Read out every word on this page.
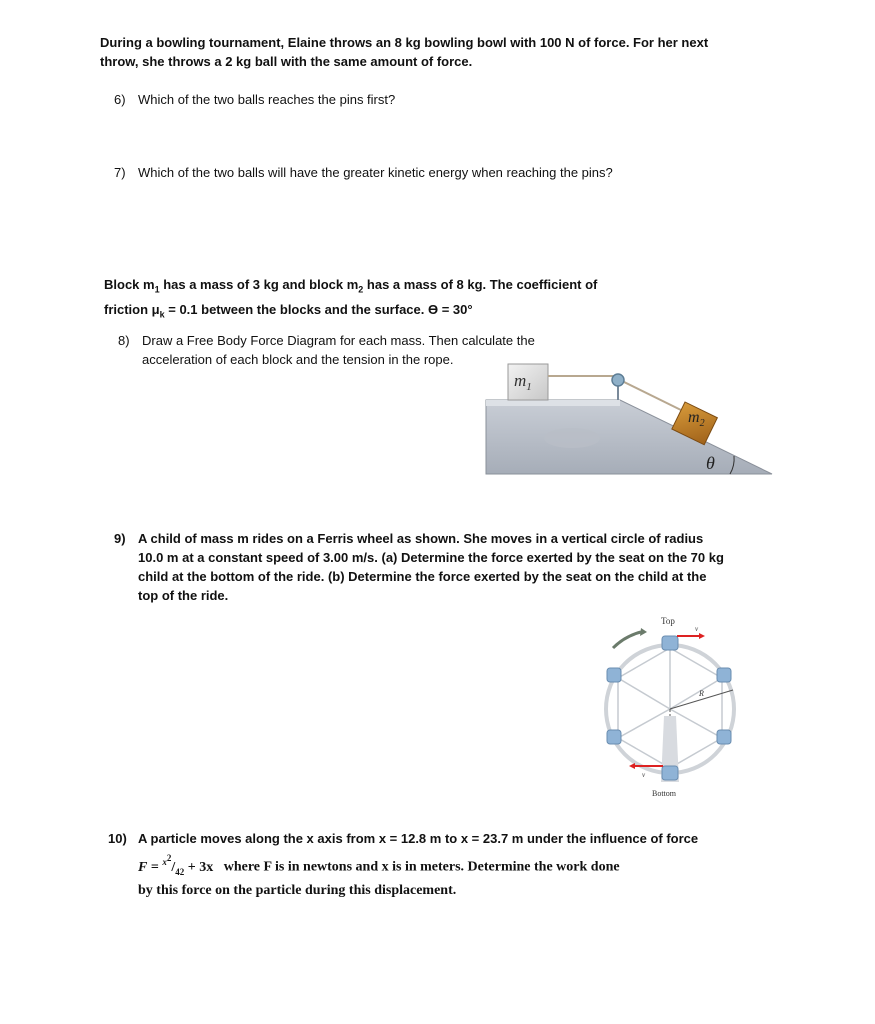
During a bowling tournament, Elaine throws an 8 kg bowling bowl with 100 N of force. For her next
throw, she throws a 2 kg ball with the same amount of force.
6) Which of the two balls reaches the pins first?
7) Which of the two balls will have the greater kinetic energy when reaching the pins?
Block $m_1$ has a mass of 3 kg and block $m_2$ has a mass of 8 kg. The coefficient of
friction $\mu_k = 0.1$ between the blocks and the surface. ϴ = 30°
8) Draw a Free Body Force Diagram for each mass. Then calculate the
acceleration of each block and the tension in the rope.
$m_1$
$m_2$
θ
9) A child of mass m rides on a Ferris wheel as shown. She moves in a vertical circle of radius
10.0 m at a constant speed of 3.00 m/s. (a) Determine the force exerted by the seat on the 70 kg
child at the bottom of the ride. (b) Determine the force exerted by the seat on the child at the
top of the ride.
Top
R
v
v
Bottom
10) A particle moves along the x axis from x = 12.8 m to x = 23.7 m under the influence of force
$F = ^{x^2}/_{42} + 3x$ where F is in newtons and x is in meters. Determine the work done
by this force on the particle during this displacement.
